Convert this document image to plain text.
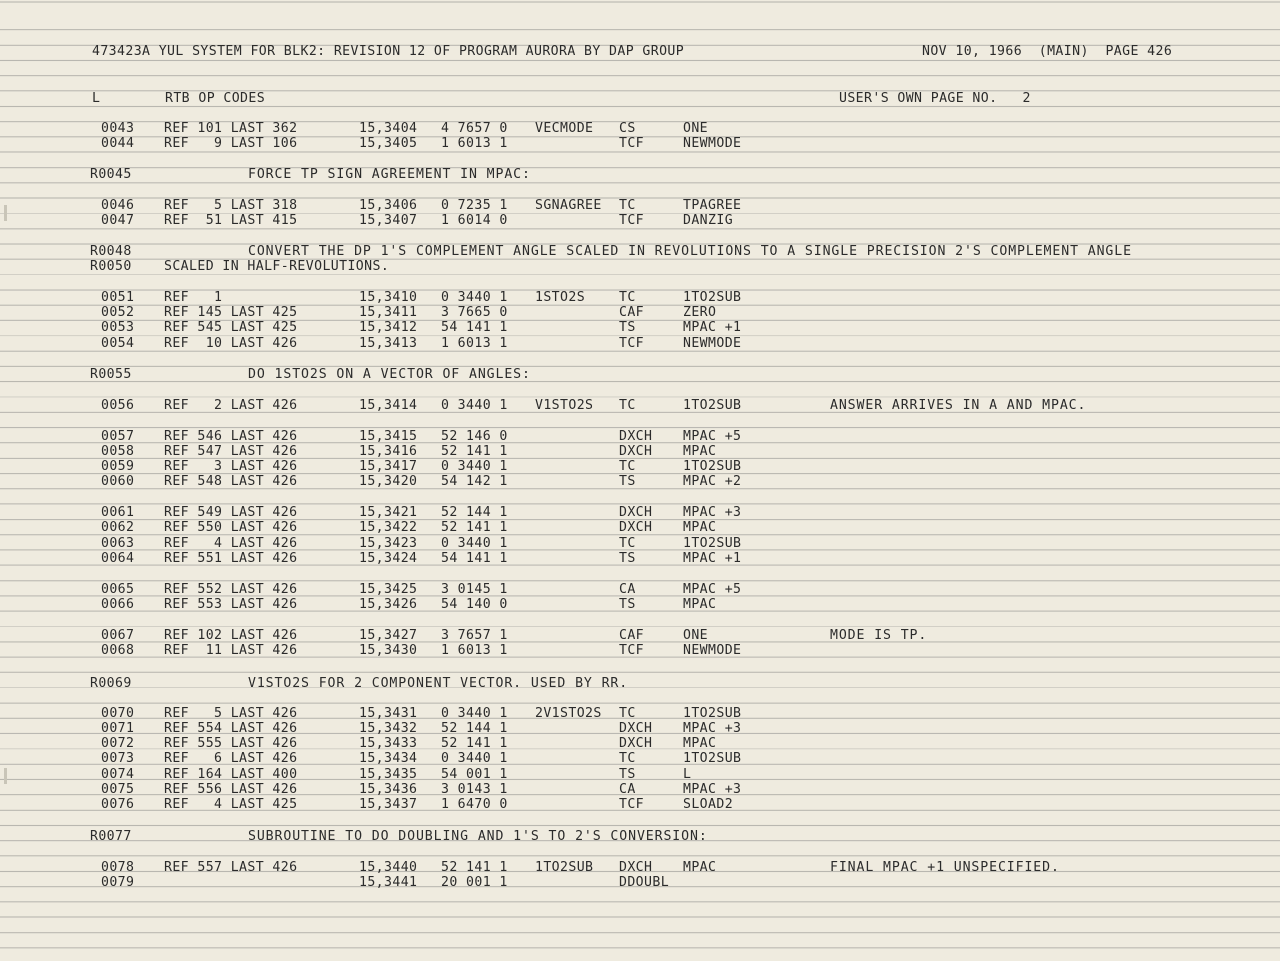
473423A YUL SYSTEM FOR BLK2: REVISION 12 OF PROGRAM AURORA BY DAP GROUP

	NOV 10, 1966  (MAIN)  PAGE 426

L

	RTB OP CODES

	USER'S OWN PAGE NO.   2

0043 REF 101 LAST 362	15,3404 4 7657 0 VECMODE CS	ONE
0044 REF   9 LAST 106	15,3405 1 6013 1	TCF	NEWMODE
R0045	FORCE TP SIGN AGREEMENT IN MPAC:
0046 REF   5 LAST 318	15,3406 0 7235 1 SGNAGREE TC	TPAGREE
0047 REF  51 LAST 415	15,3407 1 6014 0	TCF	DANZIG
R0048	CONVERT THE DP 1'S COMPLEMENT ANGLE SCALED IN REVOLUTIONS TO A SINGLE PRECISION 2'S COMPLEMENT ANGLE
R0050 SCALED IN HALF-REVOLUTIONS.
0051 REF   1	15,3410 0 3440 1 1STO2S	TC	1TO2SUB
0052 REF 145 LAST 425	15,3411 3 7665 0	CAF	ZERO
0053 REF 545 LAST 425	15,3412 54 141 1	TS	MPAC +1
0054 REF  10 LAST 426	15,3413 1 6013 1	TCF	NEWMODE
R0055	DO 1STO2S ON A VECTOR OF ANGLES:
0056 REF   2 LAST 426	15,3414 0 3440 1 V1STO2S TC	1TO2SUB	ANSWER ARRIVES IN A AND MPAC.
0057 REF 546 LAST 426	15,3415 52 146 0	DXCH MPAC +5
0058 REF 547 LAST 426	15,3416 52 141 1	DXCH MPAC
0059 REF   3 LAST 426	15,3417 0 3440 1	TC	1TO2SUB
0060 REF 548 LAST 426	15,3420 54 142 1	TS	MPAC +2
0061 REF 549 LAST 426	15,3421 52 144 1	DXCH MPAC +3
0062 REF 550 LAST 426	15,3422 52 141 1	DXCH MPAC
0063 REF   4 LAST 426	15,3423 0 3440 1	TC	1TO2SUB
0064 REF 551 LAST 426	15,3424 54 141 1	TS	MPAC +1
0065 REF 552 LAST 426	15,3425 3 0145 1	CA	MPAC +5
0066 REF 553 LAST 426	15,3426 54 140 0	TS	MPAC
0067 REF 102 LAST 426	15,3427 3 7657 1	CAF	ONE	MODE IS TP.
0068 REF  11 LAST 426	15,3430 1 6013 1	TCF	NEWMODE
R0069	V1STO2S FOR 2 COMPONENT VECTOR. USED BY RR.
0070 REF   5 LAST 426	15,3431 0 3440 1 2V1STO2S TC	1TO2SUB
0071 REF 554 LAST 426	15,3432 52 144 1	DXCH MPAC +3
0072 REF 555 LAST 426	15,3433 52 141 1	DXCH MPAC
0073 REF   6 LAST 426	15,3434 0 3440 1	TC	1TO2SUB
0074 REF 164 LAST 400	15,3435 54 001 1	TS	L
0075 REF 556 LAST 426	15,3436 3 0143 1	CA	MPAC +3
0076 REF   4 LAST 425	15,3437 1 6470 0	TCF	SLOAD2
R0077	SUBROUTINE TO DO DOUBLING AND 1'S TO 2'S CONVERSION:
0078 REF 557 LAST 426	15,3440 52 141 1 1TO2SUB DXCH MPAC	FINAL MPAC +1 UNSPECIFIED.
0079	15,3441 20 001 1	DDOUBL
